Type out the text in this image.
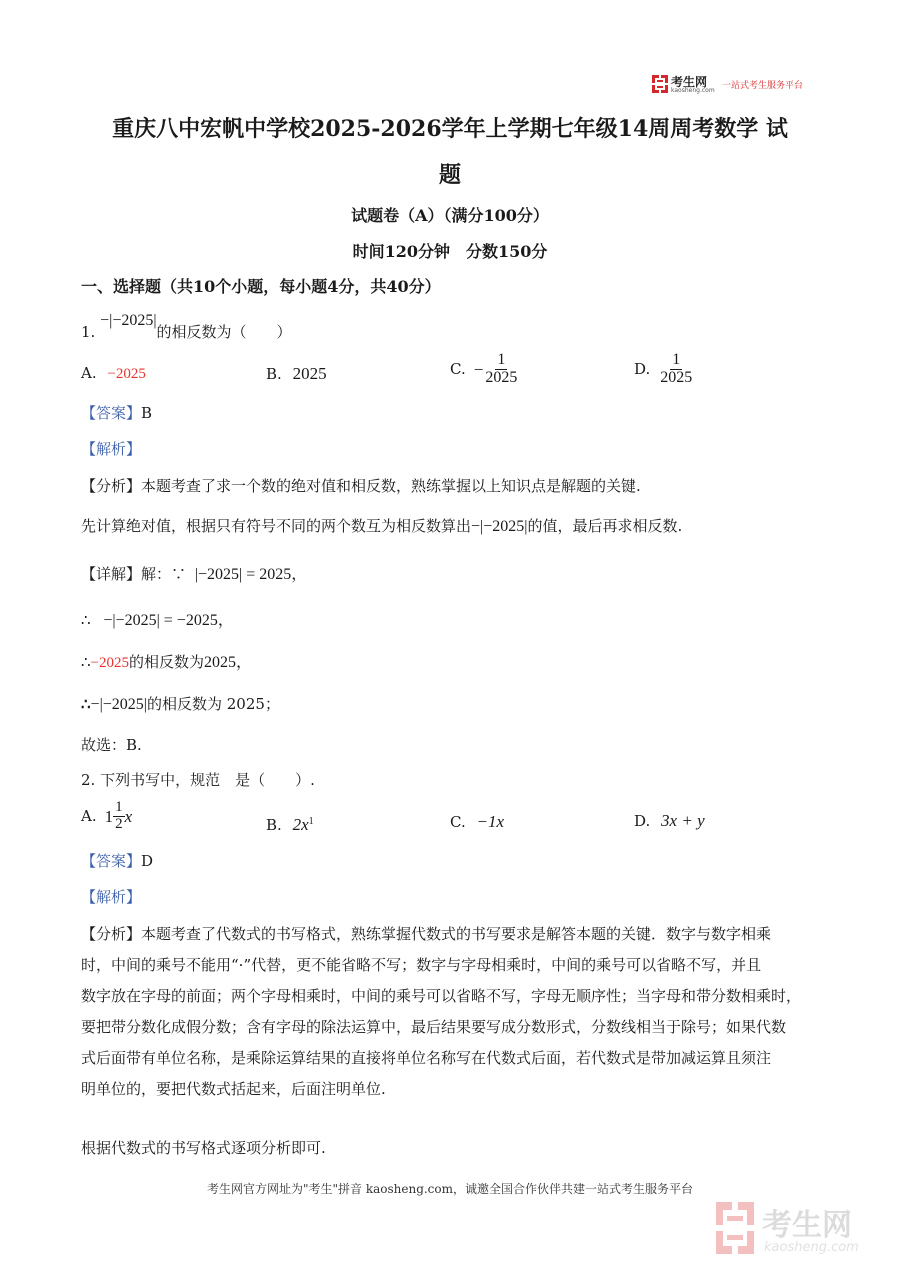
考生网
kaosheng.com 一站式考生服务平台
重庆八中宏帆中学校2025-2026学年上学期七年级14周周考数学 试
题
试题卷（A）（满分100分）
时间120分钟　分数150分
一、选择题（共10个小题，每小题4分，共40分）
1. −|−2025|的相反数为（　　）
A. −2025	B. 2025	C. − $\frac{1}{2025}$	D. $\frac{1}{2025}$
【答案】B
【解析】
【分析】本题考查了求一个数的绝对值和相反数，熟练掌握以上知识点是解题的关键.
先计算绝对值，根据只有符号不同的两个数互为相反数算出−|−2025|的值，最后再求相反数.
【详解】解：∵ |−2025| = 2025，
∴ −|−2025| = −2025，
∴−2025的相反数为2025，
∴−|−2025|的相反数为 2025；
故选：B.
2. 下列书写中，规范　是（　　）.
A. $1 \frac{1}{2}$ x	B. $2x^1$	C. −1x	D. 3x + y
【答案】D
【解析】
【分析】本题考查了代数式的书写格式，熟练掌握代数式的书写要求是解答本题的关键．数字与数字相乘
时，中间的乘号不能用“·”代替，更不能省略不写；数字与字母相乘时，中间的乘号可以省略不写，并且
数字放在字母的前面；两个字母相乘时，中间的乘号可以省略不写，字母无顺序性；当字母和带分数相乘时，
要把带分数化成假分数；含有字母的除法运算中，最后结果要写成分数形式，分数线相当于除号；如果代数
式后面带有单位名称，是乘除运算结果的直接将单位名称写在代数式后面，若代数式是带加减运算且须注
明单位的，要把代数式括起来，后面注明单位.
根据代数式的书写格式逐项分析即可.
考生网官方网址为"考生"拼音 kaosheng.com，诚邀全国合作伙伴共建一站式考生服务平台
考生网
kaosheng.com
